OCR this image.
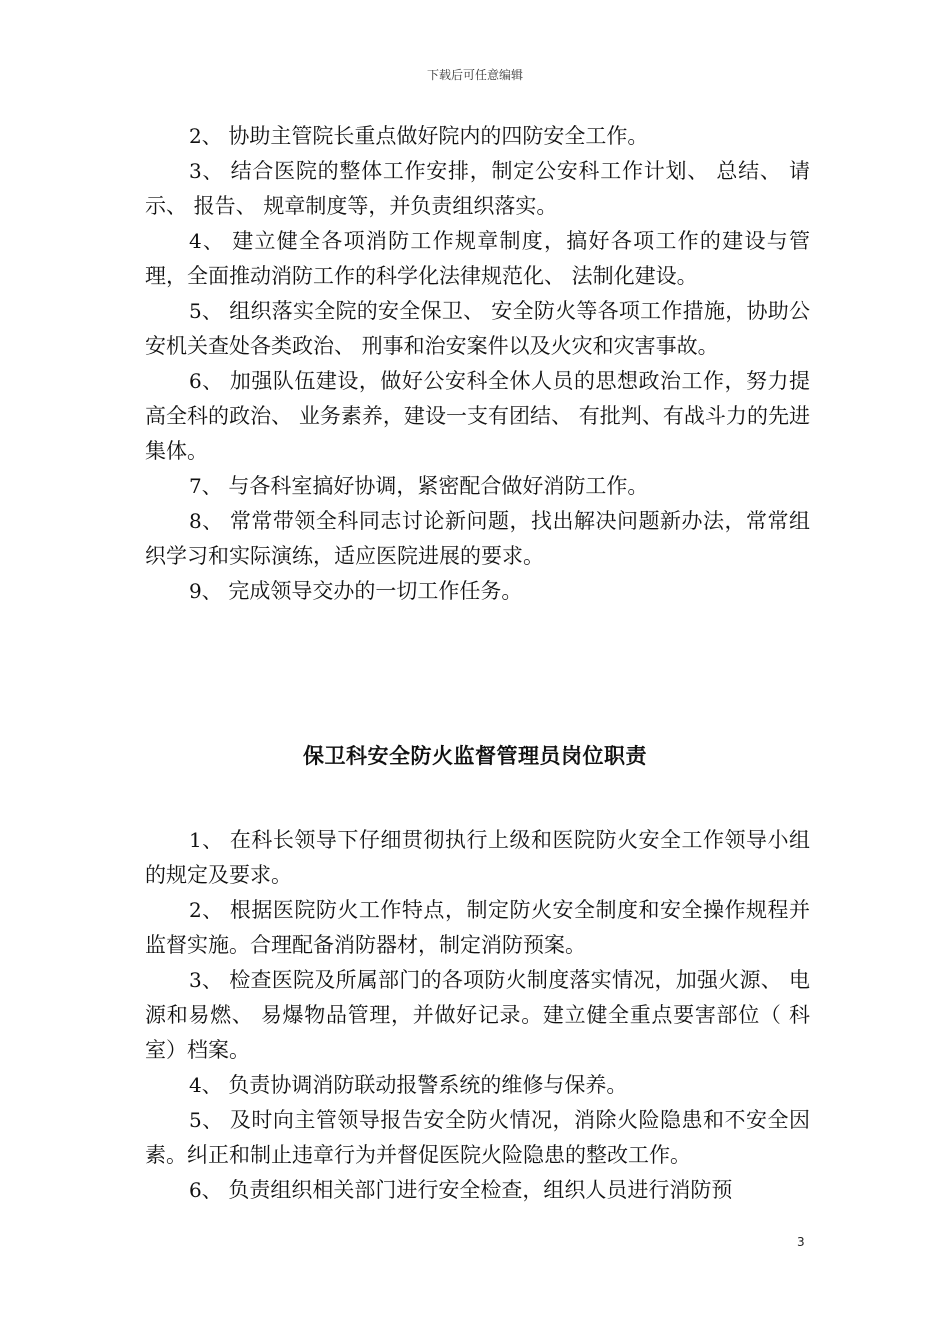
下载后可任意编辑

2、 协助主管院长重点做好院内的四防安全工作。

3、 结合医院的整体工作安排，制定公安科工作计划、 总结、 请示、 报告、 规章制度等，并负责组织落实。

4、 建立健全各项消防工作规章制度，搞好各项工作的建设与管理，全面推动消防工作的科学化法律规范化、 法制化建设。

5、 组织落实全院的安全保卫、 安全防火等各项工作措施，协助公安机关查处各类政治、 刑事和治安案件以及火灾和灾害事故。

6、 加强队伍建设，做好公安科全休人员的思想政治工作，努力提高全科的政治、 业务素养，建设一支有团结、 有批判、有战斗力的先进集体。

7、 与各科室搞好协调，紧密配合做好消防工作。

8、 常常带领全科同志讨论新问题，找出解决问题新办法，常常组织学习和实际演练，适应医院进展的要求。

9、 完成领导交办的一切工作任务。

保卫科安全防火监督管理员岗位职责

1、 在科长领导下仔细贯彻执行上级和医院防火安全工作领导小组的规定及要求。

2、 根据医院防火工作特点，制定防火安全制度和安全操作规程并监督实施。合理配备消防器材，制定消防预案。

3、 检查医院及所属部门的各项防火制度落实情况，加强火源、 电源和易燃、 易爆物品管理，并做好记录。建立健全重点要害部位（ 科室）档案。

4、 负责协调消防联动报警系统的维修与保养。

5、 及时向主管领导报告安全防火情况，消除火险隐患和不安全因素。纠正和制止违章行为并督促医院火险隐患的整改工作。

6、 负责组织相关部门进行安全检查，组织人员进行消防预

3
